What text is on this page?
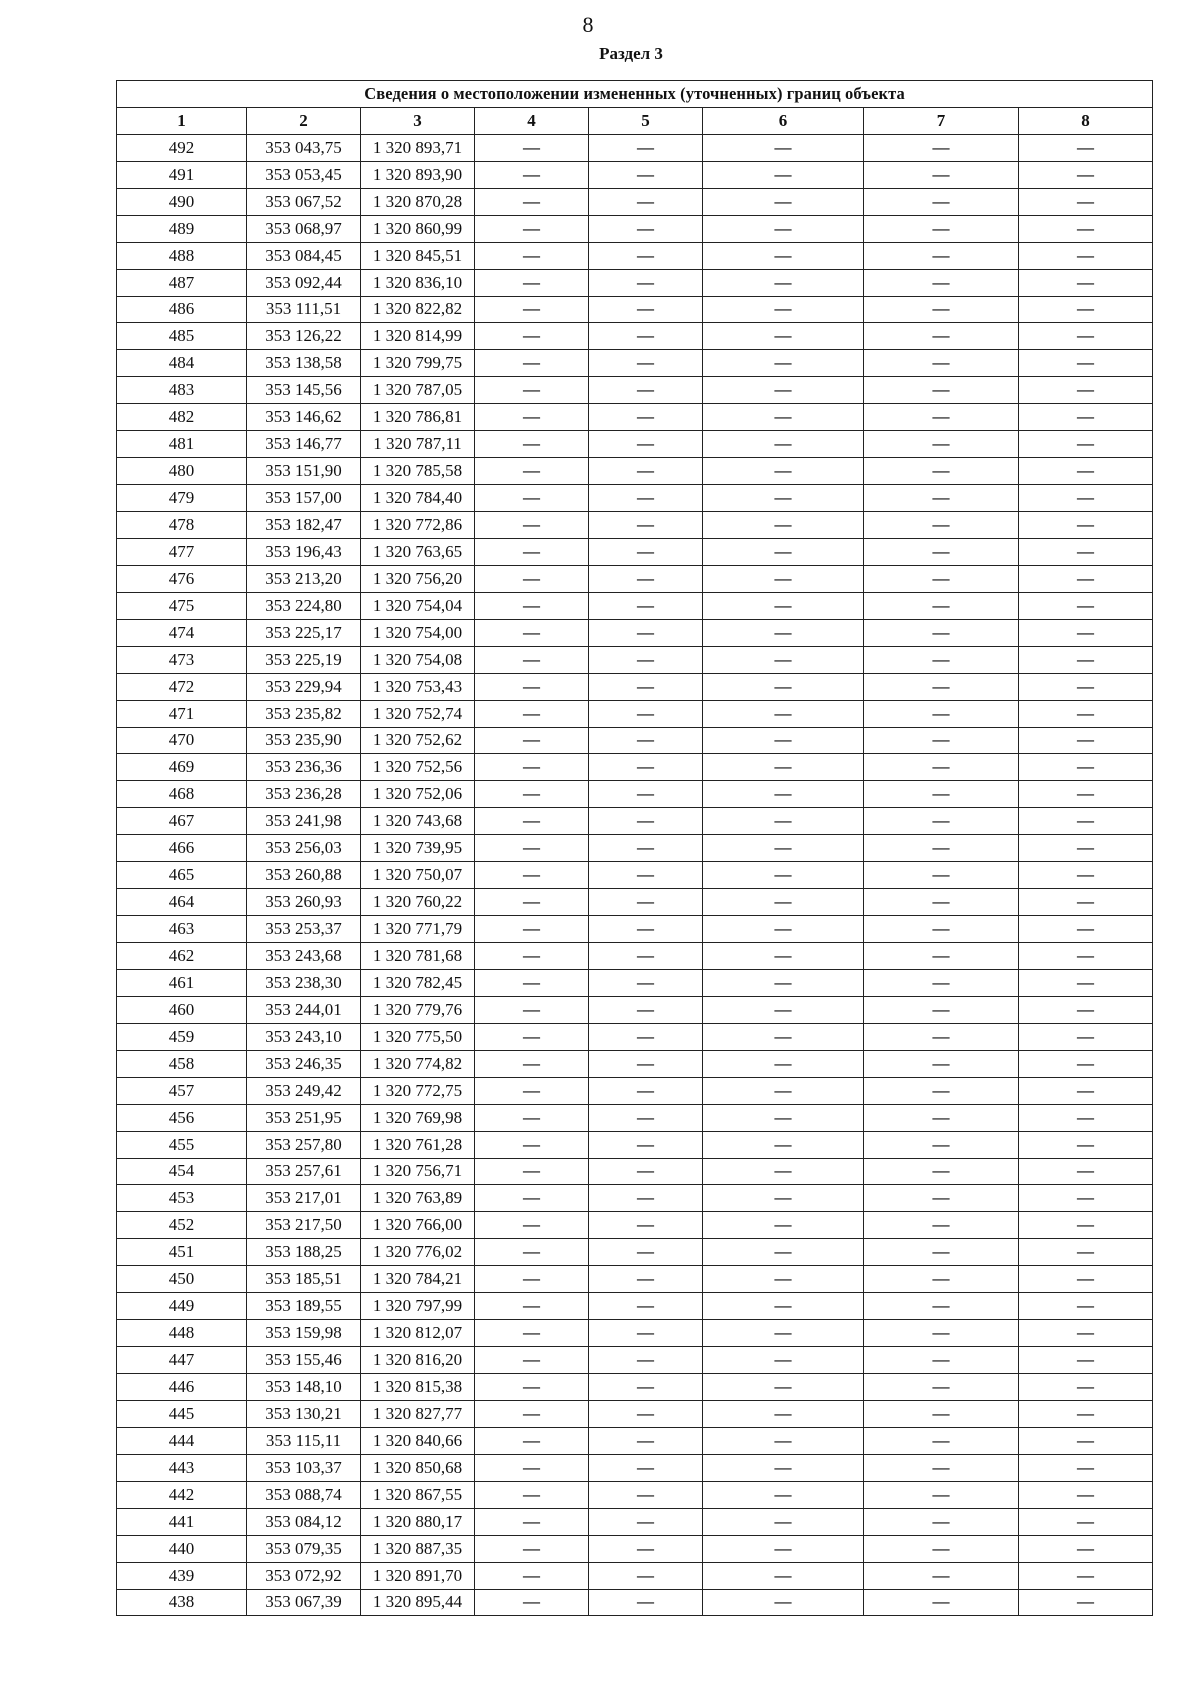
8
Раздел 3
Сведения о местоположении измененных (уточненных) границ объекта							
1	2	3	4	5	6	7	8
492	353 043,75	1 320 893,71	—	—	—	—	—
491	353 053,45	1 320 893,90	—	—	—	—	—
490	353 067,52	1 320 870,28	—	—	—	—	—
489	353 068,97	1 320 860,99	—	—	—	—	—
488	353 084,45	1 320 845,51	—	—	—	—	—
487	353 092,44	1 320 836,10	—	—	—	—	—
486	353 111,51	1 320 822,82	—	—	—	—	—
485	353 126,22	1 320 814,99	—	—	—	—	—
484	353 138,58	1 320 799,75	—	—	—	—	—
483	353 145,56	1 320 787,05	—	—	—	—	—
482	353 146,62	1 320 786,81	—	—	—	—	—
481	353 146,77	1 320 787,11	—	—	—	—	—
480	353 151,90	1 320 785,58	—	—	—	—	—
479	353 157,00	1 320 784,40	—	—	—	—	—
478	353 182,47	1 320 772,86	—	—	—	—	—
477	353 196,43	1 320 763,65	—	—	—	—	—
476	353 213,20	1 320 756,20	—	—	—	—	—
475	353 224,80	1 320 754,04	—	—	—	—	—
474	353 225,17	1 320 754,00	—	—	—	—	—
473	353 225,19	1 320 754,08	—	—	—	—	—
472	353 229,94	1 320 753,43	—	—	—	—	—
471	353 235,82	1 320 752,74	—	—	—	—	—
470	353 235,90	1 320 752,62	—	—	—	—	—
469	353 236,36	1 320 752,56	—	—	—	—	—
468	353 236,28	1 320 752,06	—	—	—	—	—
467	353 241,98	1 320 743,68	—	—	—	—	—
466	353 256,03	1 320 739,95	—	—	—	—	—
465	353 260,88	1 320 750,07	—	—	—	—	—
464	353 260,93	1 320 760,22	—	—	—	—	—
463	353 253,37	1 320 771,79	—	—	—	—	—
462	353 243,68	1 320 781,68	—	—	—	—	—
461	353 238,30	1 320 782,45	—	—	—	—	—
460	353 244,01	1 320 779,76	—	—	—	—	—
459	353 243,10	1 320 775,50	—	—	—	—	—
458	353 246,35	1 320 774,82	—	—	—	—	—
457	353 249,42	1 320 772,75	—	—	—	—	—
456	353 251,95	1 320 769,98	—	—	—	—	—
455	353 257,80	1 320 761,28	—	—	—	—	—
454	353 257,61	1 320 756,71	—	—	—	—	—
453	353 217,01	1 320 763,89	—	—	—	—	—
452	353 217,50	1 320 766,00	—	—	—	—	—
451	353 188,25	1 320 776,02	—	—	—	—	—
450	353 185,51	1 320 784,21	—	—	—	—	—
449	353 189,55	1 320 797,99	—	—	—	—	—
448	353 159,98	1 320 812,07	—	—	—	—	—
447	353 155,46	1 320 816,20	—	—	—	—	—
446	353 148,10	1 320 815,38	—	—	—	—	—
445	353 130,21	1 320 827,77	—	—	—	—	—
444	353 115,11	1 320 840,66	—	—	—	—	—
443	353 103,37	1 320 850,68	—	—	—	—	—
442	353 088,74	1 320 867,55	—	—	—	—	—
441	353 084,12	1 320 880,17	—	—	—	—	—
440	353 079,35	1 320 887,35	—	—	—	—	—
439	353 072,92	1 320 891,70	—	—	—	—	—
438	353 067,39	1 320 895,44	—	—	—	—	—
